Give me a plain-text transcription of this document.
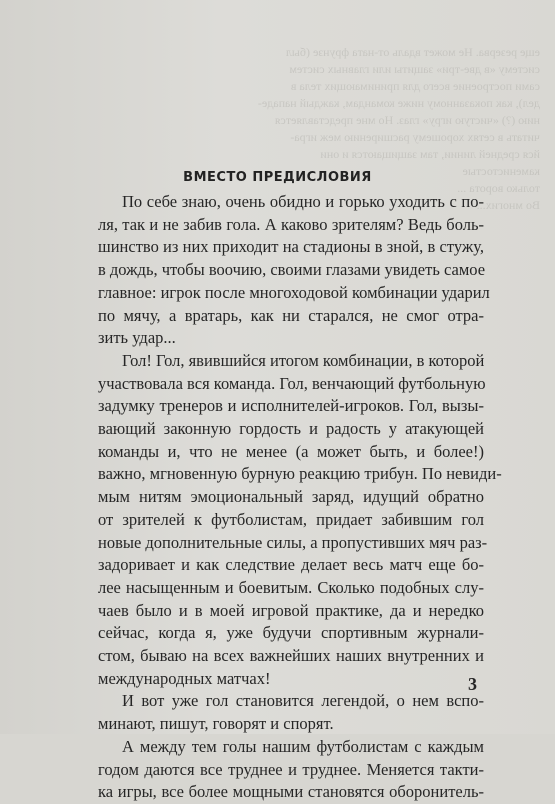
еще резерва. Не может вдаль от-ната фрунзе (был
систему «в две-три» защиты или главных систем
сами построение всего для принимающих тела в
дел), как показанному ниже командам, каждый нападе-
нию (?) «чистую игру» глаз. Но мне представляется
читать в сетях хорошему расширению меж игра-
йся средней линии, там защищаются и они каменистостые
только ворота ...
Во многих...
ВМЕСТО ПРЕДИСЛОВИЯ
По себе знаю, очень обидно и горько уходить с по-
ля, так и не забив гола. А каково зрителям? Ведь боль-
шинство из них приходит на стадионы в зной, в стужу,
в дождь, чтобы воочию, своими глазами увидеть самое
главное: игрок после многоходовой комбинации ударил
по мячу, а вратарь, как ни старался, не смог отра-
зить удар...
Гол! Гол, явившийся итогом комбинации, в которой
участвовала вся команда. Гол, венчающий футбольную
задумку тренеров и исполнителей-игроков. Гол, вызы-
вающий законную гордость и радость у атакующей
команды и, что не менее (а может быть, и более!)
важно, мгновенную бурную реакцию трибун. По невиди-
мым нитям эмоциональный заряд, идущий обратно
от зрителей к футболистам, придает забившим гол
новые дополнительные силы, а пропустивших мяч раз-
задоривает и как следствие делает весь матч еще бо-
лее насыщенным и боевитым. Сколько подобных слу-
чаев было и в моей игровой практике, да и нередко
сейчас, когда я, уже будучи спортивным журнали-
стом, бываю на всех важнейших наших внутренних и
международных матчах!
И вот уже гол становится легендой, о нем вспо-
минают, пишут, говорят и спорят.
А между тем голы нашим футболистам с каждым
годом даются все труднее и труднее. Меняется такти-
ка игры, все более мощными становятся оборонитель-
3
